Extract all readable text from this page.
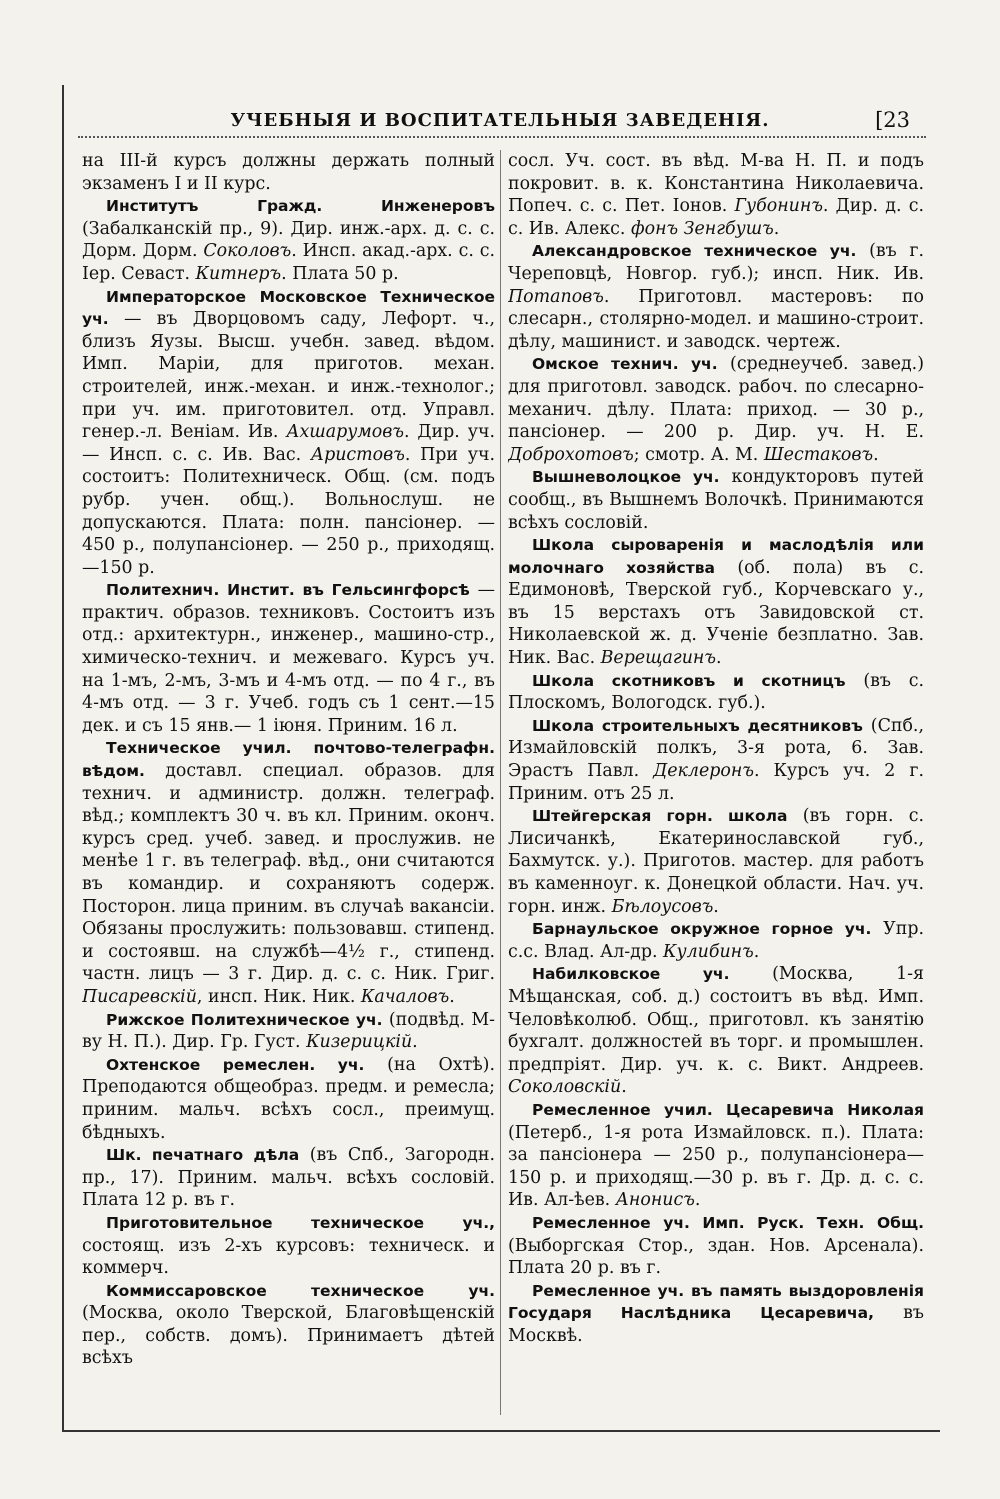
УЧЕБНЫЯ И ВОСПИТАТЕЛЬНЫЯ ЗАВЕДЕНІЯ.	[23

на III-й курсъ должны держать полный экзаменъ I и II курс.

Институтъ Гражд. Инженеровъ (Забалканскій пр., 9). Дир. инж.-арх. д. с. с. Дорм. Дорм. Соколовъ. Инсп. акад.-арх. с. с. Іер. Севаст. Китнеръ. Плата 50 р.

Императорское Московское Техническое уч. — въ Дворцовомъ саду, Лефорт. ч., близъ Яузы. Высш. учебн. завед. вѣдом. Имп. Маріи, для приготов. механ. строителей, инж.-механ. и инж.-технолог.; при уч. им. приготовител. отд. Управл. генер.-л. Веніам. Ив. Ахшарумовъ. Дир. уч. — Инсп. с. с. Ив. Вас. Аристовъ. При уч. состоитъ: Политехническ. Общ. (см. подъ рубр. учен. общ.). Вольнослуш. не допускаются. Плата: полн. пансіонер. — 450 р., полупансіонер. — 250 р., приходящ.—150 р.

Политехнич. Инстит. въ Гельсингфорсѣ — практич. образов. техниковъ. Состоитъ изъ отд.: архитектурн., инженер., машино-стр., химическо-технич. и межеваго. Курсъ уч. на 1-мъ, 2-мъ, 3-мъ и 4-мъ отд. — по 4 г., въ 4-мъ отд. — 3 г. Учеб. годъ съ 1 сент.—15 дек. и съ 15 янв.— 1 іюня. Приним. 16 л.

Техническое учил. почтово-телеграфн. вѣдом. доставл. специал. образов. для технич. и администр. должн. телеграф. вѣд.; комплектъ 30 ч. въ кл. Приним. оконч. курсъ сред. учеб. завед. и прослужив. не менѣе 1 г. въ телеграф. вѣд., они считаются въ командир. и сохраняютъ содерж. Посторон. лица приним. въ случаѣ вакансіи. Обязаны прослужить: пользовавш. стипенд. и состоявш. на службѣ—4½ г., стипенд. частн. лицъ — 3 г. Дир. д. с. с. Ник. Григ. Писаревскій, инсп. Ник. Ник. Качаловъ.

Рижское Политехническое уч. (подвѣд. М-ву Н. П.). Дир. Гр. Густ. Кизерицкій.

Охтенское ремеслен. уч. (на Охтѣ). Преподаются общеобраз. предм. и ремесла; приним. мальч. всѣхъ сосл., преимущ. бѣдныхъ.

Шк. печатнаго дѣла (въ Спб., Загородн. пр., 17). Приним. мальч. всѣхъ сословій. Плата 12 р. въ г.

Приготовительное техническое уч., состоящ. изъ 2-хъ курсовъ: техническ. и коммерч.

Коммиссаровское техническое уч. (Москва, около Тверской, Благовѣщенскій пер., собств. домъ). Принимаетъ дѣтей всѣхъ

сосл. Уч. сост. въ вѣд. М-ва Н. П. и подъ покровит. в. к. Константина Николаевича. Попеч. с. с. Пет. Іонов. Губонинъ. Дир. д. с. с. Ив. Алекс. фонъ Зенгбушъ.

Александровское техническое уч. (въ г. Череповцѣ, Новгор. губ.); инсп. Ник. Ив. Потаповъ. Приготовл. мастеровъ: по слесарн., столярно-модел. и машино-строит. дѣлу, машинист. и заводск. чертеж.

Омское технич. уч. (среднеучеб. завед.) для приготовл. заводск. рабоч. по слесарно-механич. дѣлу. Плата: приход. — 30 р., пансіонер. — 200 р. Дир. уч. Н. Е. Доброхотовъ; смотр. А. М. Шестаковъ.

Вышневолоцкое уч. кондукторовъ путей сообщ., въ Вышнемъ Волочкѣ. Принимаются всѣхъ сословій.

Школа сыроваренія и маслодѣлія или молочнаго хозяйства (об. пола) въ с. Едимоновѣ, Тверской губ., Корчевскаго у., въ 15 верстахъ отъ Завидовской ст. Николаевской ж. д. Ученіе безплатно. Зав. Ник. Вас. Верещагинъ.

Школа скотниковъ и скотницъ (въ с. Плоскомъ, Вологодск. губ.).

Школа строительныхъ десятниковъ (Спб., Измайловскій полкъ, 3-я рота, 6. Зав. Эрастъ Павл. Деклеронъ. Курсъ уч. 2 г. Приним. отъ 25 л.

Штейгерская горн. школа (въ горн. с. Лисичанкѣ, Екатеринославской губ., Бахмутск. у.). Приготов. мастер. для работъ въ каменноуг. к. Донецкой области. Нач. уч. горн. инж. Бѣлоусовъ.

Барнаульское окружное горное уч. Упр. с.с. Влад. Ал-др. Кулибинъ.

Набилковское уч. (Москва, 1-я Мѣщанская, соб. д.) состоитъ въ вѣд. Имп. Человѣколюб. Общ., приготовл. къ занятію бухгалт. должностей въ торг. и промышлен. предпріят. Дир. уч. к. с. Викт. Андреев. Соколовскій.

Ремесленное учил. Цесаревича Николая (Петерб., 1-я рота Измайловск. п.). Плата: за пансіонера — 250 р., полупансіонера—150 р. и приходящ.—30 р. въ г. Др. д. с. с. Ив. Ал-ѣев. Анонисъ.

Ремесленное уч. Имп. Руск. Техн. Общ. (Выборгская Стор., здан. Нов. Арсенала). Плата 20 р. въ г.

Ремесленное уч. въ память выздоровленія Государя Наслѣдника Цесаревича, въ Москвѣ.
